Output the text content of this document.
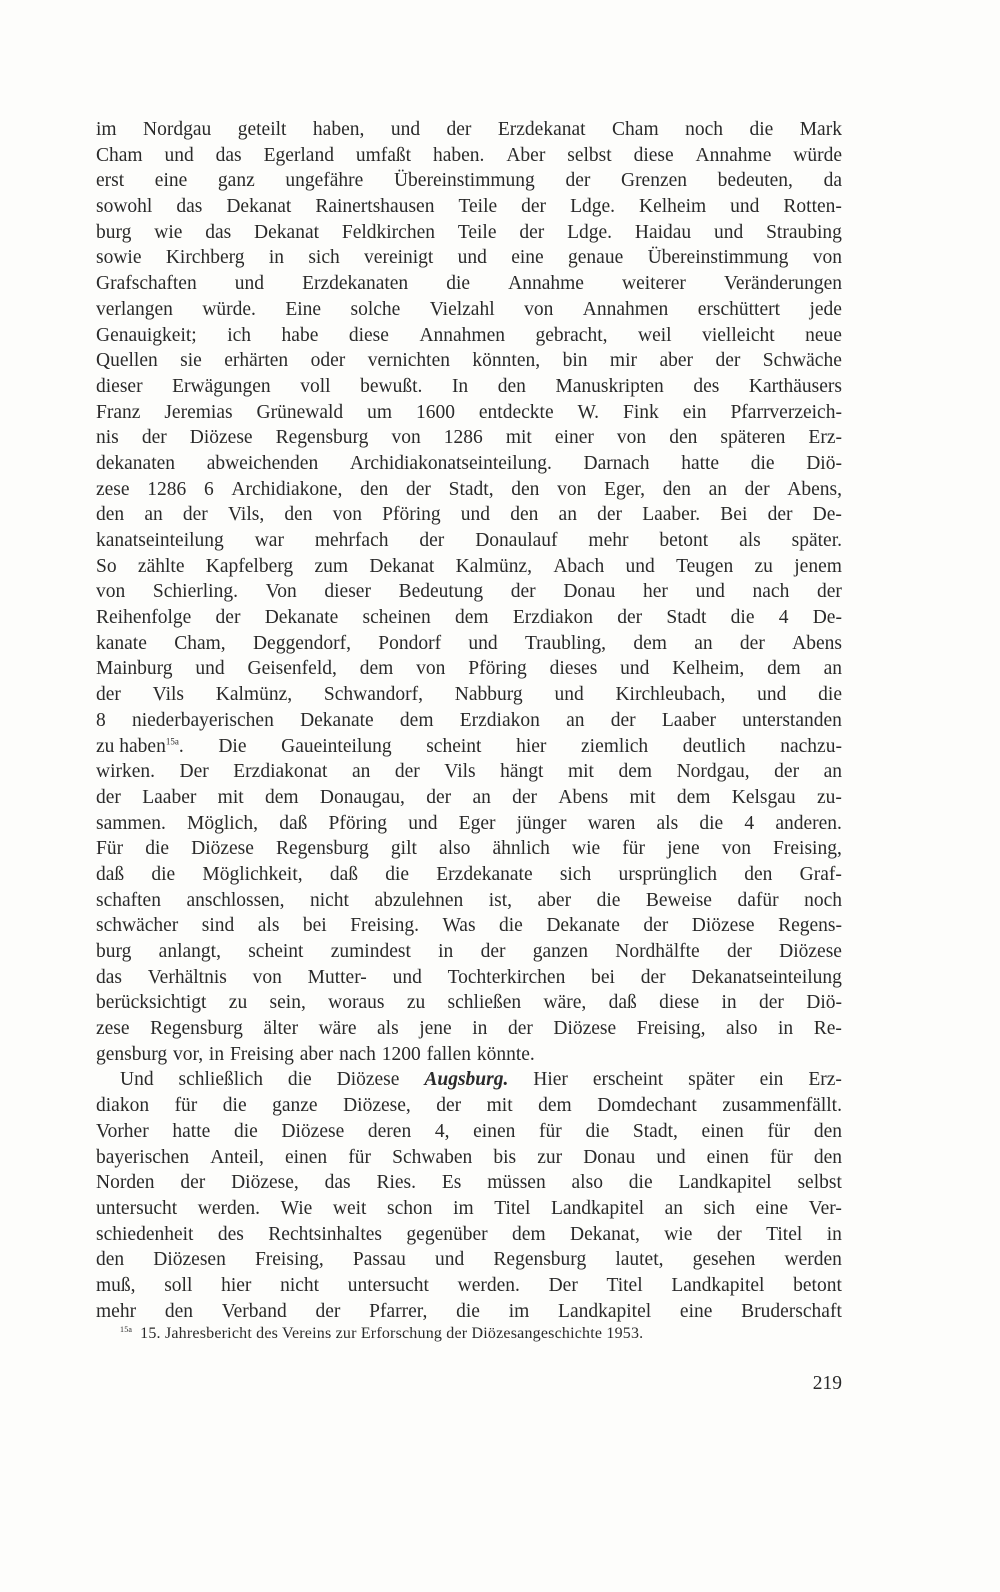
im Nordgau geteilt haben, und der Erzdekanat Cham noch die Mark
Cham und das Egerland umfaßt haben. Aber selbst diese Annahme würde
erst eine ganz ungefähre Übereinstimmung der Grenzen bedeuten, da
sowohl das Dekanat Rainertshausen Teile der Ldge. Kelheim und Rotten-
burg wie das Dekanat Feldkirchen Teile der Ldge. Haidau und Straubing
sowie Kirchberg in sich vereinigt und eine genaue Übereinstimmung von
Grafschaften und Erzdekanaten die Annahme weiterer Veränderungen
verlangen würde. Eine solche Vielzahl von Annahmen erschüttert jede
Genauigkeit; ich habe diese Annahmen gebracht, weil vielleicht neue
Quellen sie erhärten oder vernichten könnten, bin mir aber der Schwäche
dieser Erwägungen voll bewußt. In den Manuskripten des Karthäusers
Franz Jeremias Grünewald um 1600 entdeckte W. Fink ein Pfarrverzeich-
nis der Diözese Regensburg von 1286 mit einer von den späteren Erz-
dekanaten abweichenden Archidiakonatseinteilung. Darnach hatte die Diö-
zese 1286 6 Archidiakone, den der Stadt, den von Eger, den an der Abens,
den an der Vils, den von Pföring und den an der Laaber. Bei der De-
kanatseinteilung war mehrfach der Donaulauf mehr betont als später.
So zählte Kapfelberg zum Dekanat Kalmünz, Abach und Teugen zu jenem
von Schierling. Von dieser Bedeutung der Donau her und nach der
Reihenfolge der Dekanate scheinen dem Erzdiakon der Stadt die 4 De-
kanate Cham, Deggendorf, Pondorf und Traubling, dem an der Abens
Mainburg und Geisenfeld, dem von Pföring dieses und Kelheim, dem an
der Vils Kalmünz, Schwandorf, Nabburg und Kirchleubach, und die
8 niederbayerischen Dekanate dem Erzdiakon an der Laaber unterstanden
zu haben$^{15a}$. Die Gaueinteilung scheint hier ziemlich deutlich nachzu-
wirken. Der Erzdiakonat an der Vils hängt mit dem Nordgau, der an
der Laaber mit dem Donaugau, der an der Abens mit dem Kelsgau zu-
sammen. Möglich, daß Pföring und Eger jünger waren als die 4 anderen.
Für die Diözese Regensburg gilt also ähnlich wie für jene von Freising,
daß die Möglichkeit, daß die Erzdekanate sich ursprünglich den Graf-
schaften anschlossen, nicht abzulehnen ist, aber die Beweise dafür noch
schwächer sind als bei Freising. Was die Dekanate der Diözese Regens-
burg anlangt, scheint zumindest in der ganzen Nordhälfte der Diözese
das Verhältnis von Mutter- und Tochterkirchen bei der Dekanatseinteilung
berücksichtigt zu sein, woraus zu schließen wäre, daß diese in der Diö-
zese Regensburg älter wäre als jene in der Diözese Freising, also in Re-
gensburg vor, in Freising aber nach 1200 fallen könnte.
Und schließlich die Diözese Augsburg. Hier erscheint später ein Erz-
diakon für die ganze Diözese, der mit dem Domdechant zusammenfällt.
Vorher hatte die Diözese deren 4, einen für die Stadt, einen für den
bayerischen Anteil, einen für Schwaben bis zur Donau und einen für den
Norden der Diözese, das Ries. Es müssen also die Landkapitel selbst
untersucht werden. Wie weit schon im Titel Landkapitel an sich eine Ver-
schiedenheit des Rechtsinhaltes gegenüber dem Dekanat, wie der Titel in
den Diözesen Freising, Passau und Regensburg lautet, gesehen werden
muß, soll hier nicht untersucht werden. Der Titel Landkapitel betont
mehr den Verband der Pfarrer, die im Landkapitel eine Bruderschaft
$^{15a}$ 15. Jahresbericht des Vereins zur Erforschung der Diözesangeschichte 1953.
219
